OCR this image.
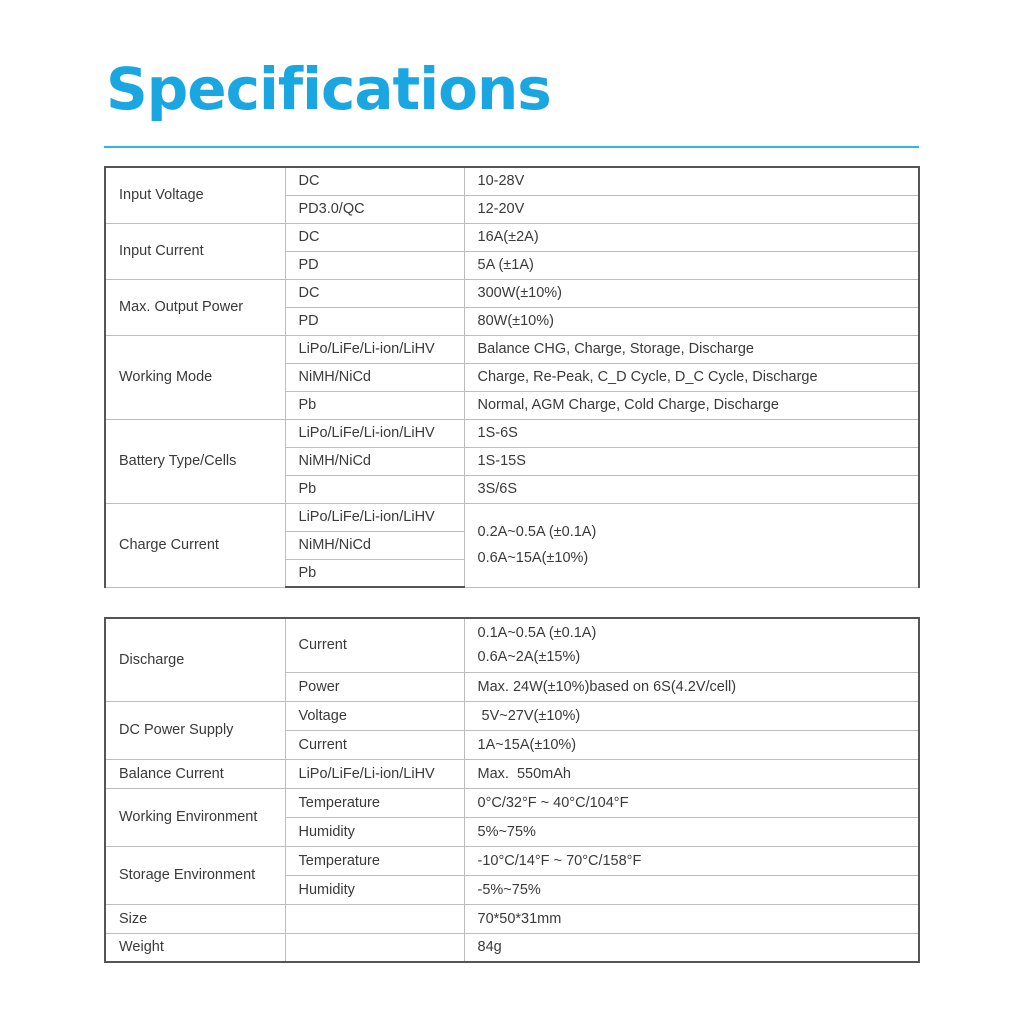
Specifications
Input Voltage	DC	10-28V
	PD3.0/QC	12-20V
Input Current	DC	16A(±2A)
	PD	5A (±1A)
Max. Output Power	DC	300W(±10%)
	PD	80W(±10%)
Working Mode	LiPo/LiFe/Li-ion/LiHV	Balance CHG, Charge, Storage, Discharge
	NiMH/NiCd	Charge, Re-Peak, C_D Cycle, D_C Cycle, Discharge
	Pb	Normal, AGM Charge, Cold Charge, Discharge
Battery Type/Cells	LiPo/LiFe/Li-ion/LiHV	1S-6S
	NiMH/NiCd	1S-15S
	Pb	3S/6S
Charge Current	LiPo/LiFe/Li-ion/LiHV	0.2A~0.5A (±0.1A)
0.6A~15A(±10%)

	NiMH/NiCd	
	Pb	
Discharge	Current	0.1A~0.5A (±0.1A)
0.6A~2A(±15%)

	Power	Max. 24W(±10%)based on 6S(4.2V/cell)
DC Power Supply	Voltage	5V~27V(±10%)
	Current	1A~15A(±10%)
Balance Current	LiPo/LiFe/Li-ion/LiHV	Max.  550mAh
Working Environment	Temperature	0°C/32°F ~ 40°C/104°F
	Humidity	5%~75%
Storage Environment	Temperature	-10°C/14°F ~ 70°C/158°F
	Humidity	-5%~75%
Size		70*50*31mm
Weight		84g
